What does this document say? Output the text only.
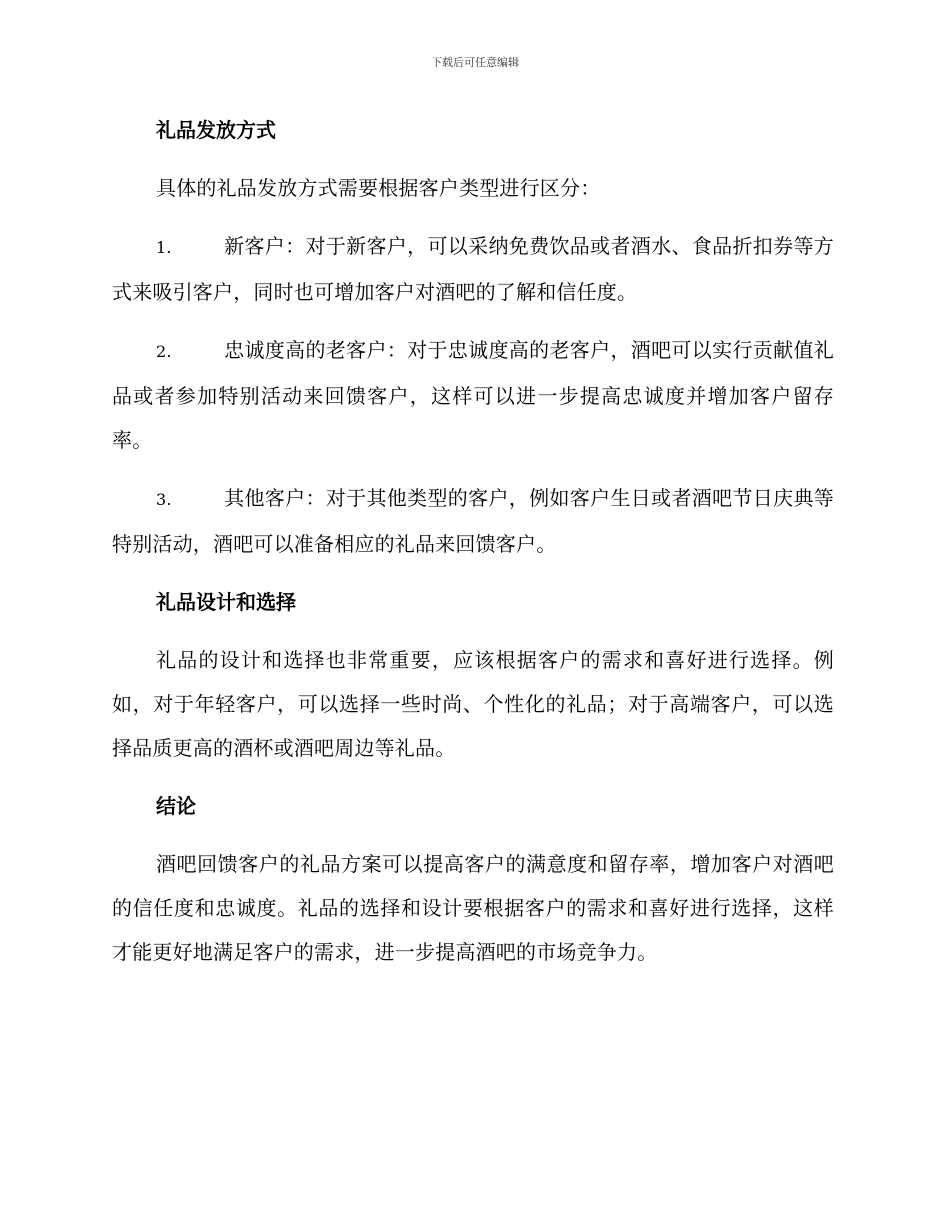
下载后可任意编辑

礼品发放方式

具体的礼品发放方式需要根据客户类型进行区分：

1.	新客户：对于新客户，可以采纳免费饮品或者酒水、食品折扣券等方式来吸引客户，同时也可增加客户对酒吧的了解和信任度。

2.	忠诚度高的老客户：对于忠诚度高的老客户，酒吧可以实行贡献值礼品或者参加特别活动来回馈客户，这样可以进一步提高忠诚度并增加客户留存率。

3.	其他客户：对于其他类型的客户，例如客户生日或者酒吧节日庆典等特别活动，酒吧可以准备相应的礼品来回馈客户。

礼品设计和选择

礼品的设计和选择也非常重要，应该根据客户的需求和喜好进行选择。例如，对于年轻客户，可以选择一些时尚、个性化的礼品；对于高端客户，可以选择品质更高的酒杯或酒吧周边等礼品。

结论

酒吧回馈客户的礼品方案可以提高客户的满意度和留存率，增加客户对酒吧的信任度和忠诚度。礼品的选择和设计要根据客户的需求和喜好进行选择，这样才能更好地满足客户的需求，进一步提高酒吧的市场竞争力。
